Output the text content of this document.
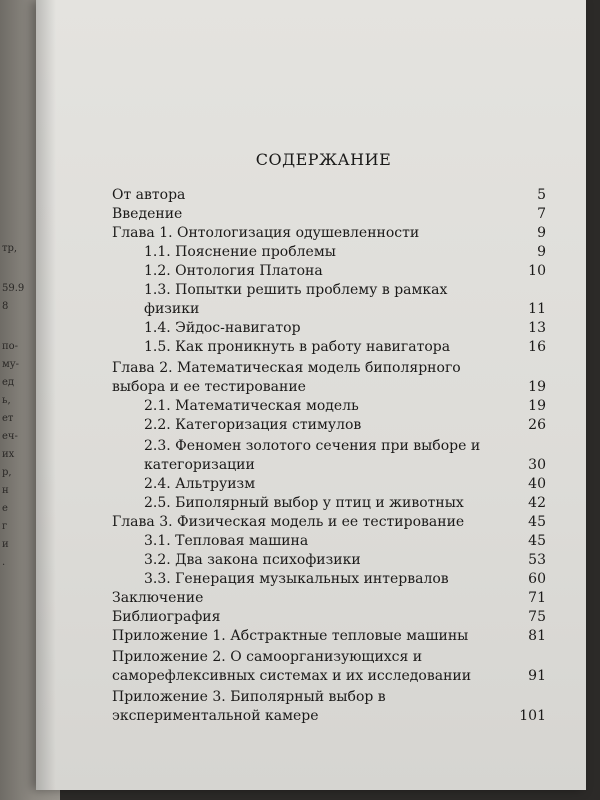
тр,
59.9
8
по-
му-
ед
ь,
ет
еч-
их
р,
н
е
г
и
.
СОДЕРЖАНИЕ
От автора	5
Введение	7
Глава 1. Онтологизация одушевленности	9
1.1. Пояснение проблемы	9
1.2. Онтология Платона	10
1.3. Попытки решить проблему в рамках физики	11
1.4. Эйдос-навигатор	13
1.5. Как проникнуть в работу навигатора	16
Глава 2. Математическая модель биполярного выбора и ее тестирование	19
2.1. Математическая модель	19
2.2. Категоризация стимулов	26
2.3. Феномен золотого сечения при выборе и категоризации	30
2.4. Альтруизм	40
2.5. Биполярный выбор у птиц и животных	42
Глава 3. Физическая модель и ее тестирование	45
3.1. Тепловая машина	45
3.2. Два закона психофизики	53
3.3. Генерация музыкальных интервалов	60
Заключение	71
Библиография	75
Приложение 1. Абстрактные тепловые машины	81
Приложение 2. О самоорганизующихся и саморефлексивных системах и их исследовании	91
Приложение 3. Биполярный выбор в экспериментальной камере	101
